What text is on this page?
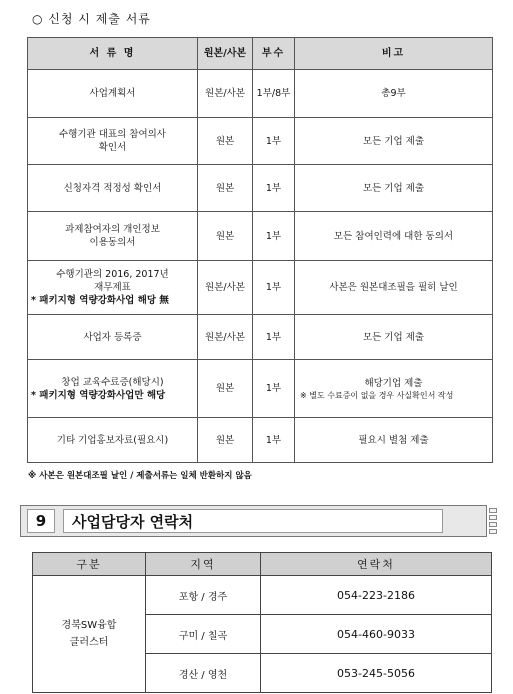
○ 신청 시 제출 서류
서 류 명	원본/사본	부수	비고
사업계획서	원본/사본	1부/8부	총9부
수행기관 대표의 참여의사
확인서	원본	1부	모든 기업 제출
신청자격 적정성 확인서	원본	1부	모든 기업 제출
과제참여자의 개인정보
이용동의서	원본	1부	모든 참여인력에 대한 동의서

수행기관의 2016, 2017년
재무제표
* 패키지형 역량강화사업 해당 無	원본/사본	1부	사본은 원본대조필을 필히 날인
사업자 등록증	원본/사본	1부	모든 기업 제출

창업 교육수료증(해당시)
* 패키지형 역량강화사업만 해당	원본	1부	해당기업 제출
※ 별도 수료증이 없을 경우 사실확인서 작성

기타 기업홍보자료(필요시)	원본	1부	필요시 별첨 제출
※ 사본은 원본대조필 날인 / 제출서류는 일체 반환하지 않음
9	사업담당자 연락처
구분	지역	연락처
경북SW융합
클러스터	포항 / 경주	054-223-2186
	구미 / 칠곡	054-460-9033
	경산 / 영천	053-245-5056
